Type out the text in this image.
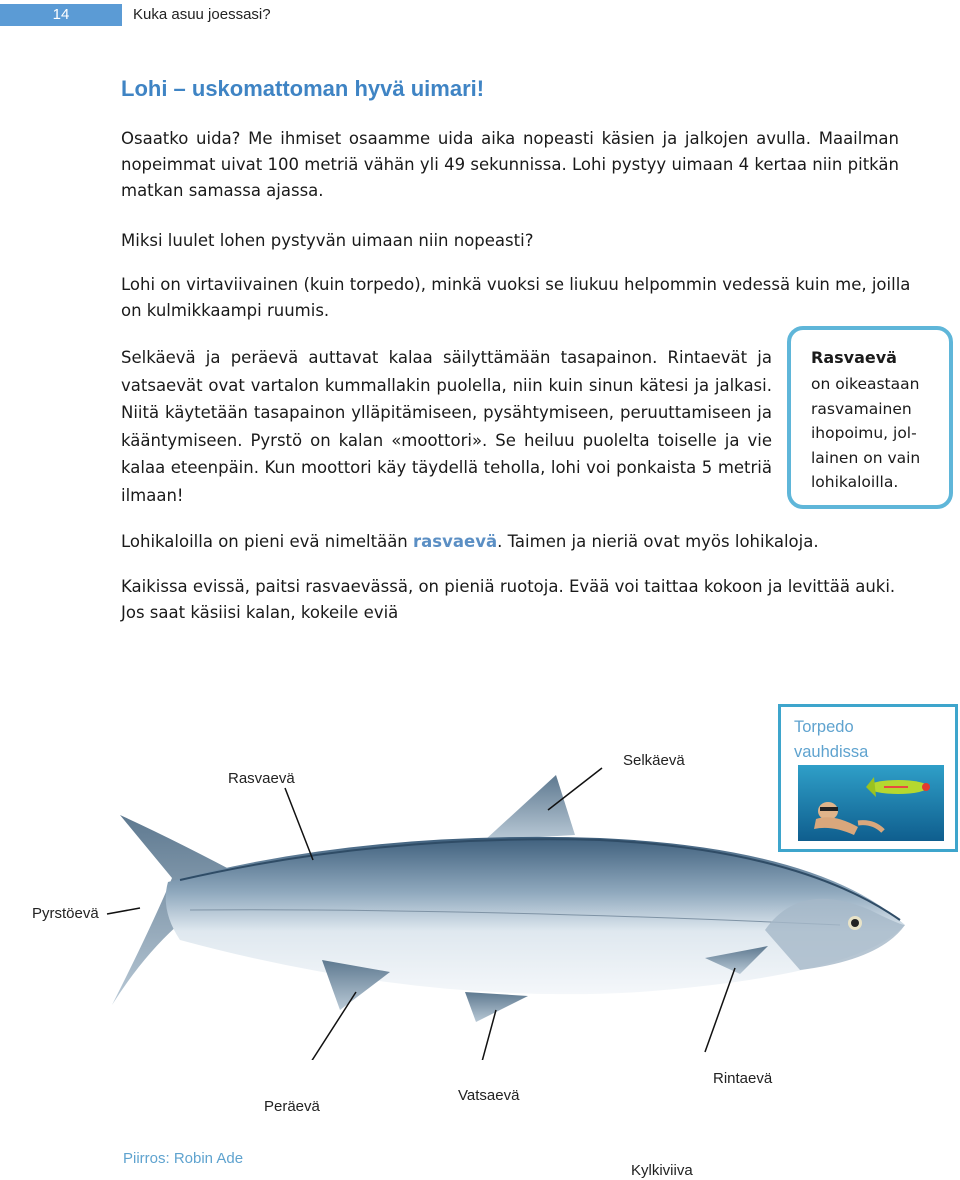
14	Kuka asuu joessasi?
Lohi – uskomattoman hyvä uimari!

Osaatko uida? Me ihmiset osaamme uida aika nopeasti käsien ja jalkojen avulla. Maailman nopeimmat uivat 100 metriä vähän yli 49 sekunnissa. Lohi pystyy uimaan 4 kertaa niin pitkän matkan samassa ajassa.

Miksi luulet lohen pystyvän uimaan niin nopeasti?

Lohi on virtaviivainen (kuin torpedo), minkä vuoksi se liukuu helpommin vedessä kuin me, joilla on kulmikkaampi ruumis.

Selkäevä ja peräevä auttavat kalaa säilyttämään tasapainon. Rintaevät ja vatsaevät ovat vartalon kummallakin puolella, niin kuin sinun kätesi ja jalkasi. Niitä käytetään tasapainon ylläpitämiseen, pysähtymiseen, peruuttamiseen ja kääntymiseen. Pyrstö on kalan «moottori». Se heiluu puolelta toiselle ja vie kalaa eteenpäin. Kun moottori käy täydellä teholla, lohi voi ponkaista 5 metriä ilmaan!

Lohikaloilla on pieni evä nimeltään rasvaevä. Taimen ja nieriä ovat myös lohikaloja.

Kaikissa evissä, paitsi rasvaevässä, on pieniä ruotoja. Evää voi taittaa kokoon ja levittää auki. Jos saat käsiisi kalan, kokeile eviä

Rasvaevä
on oikeastaan rasvamainen ihopoimu, jol-lainen on vain lohikaloilla.
Torpedo vauhdissa
Rasvaevä
Selkäevä
Pyrstöevä
Peräevä
Vatsaevä
Rintaevä
Kylkiviiva
Piirros: Robin Ade
